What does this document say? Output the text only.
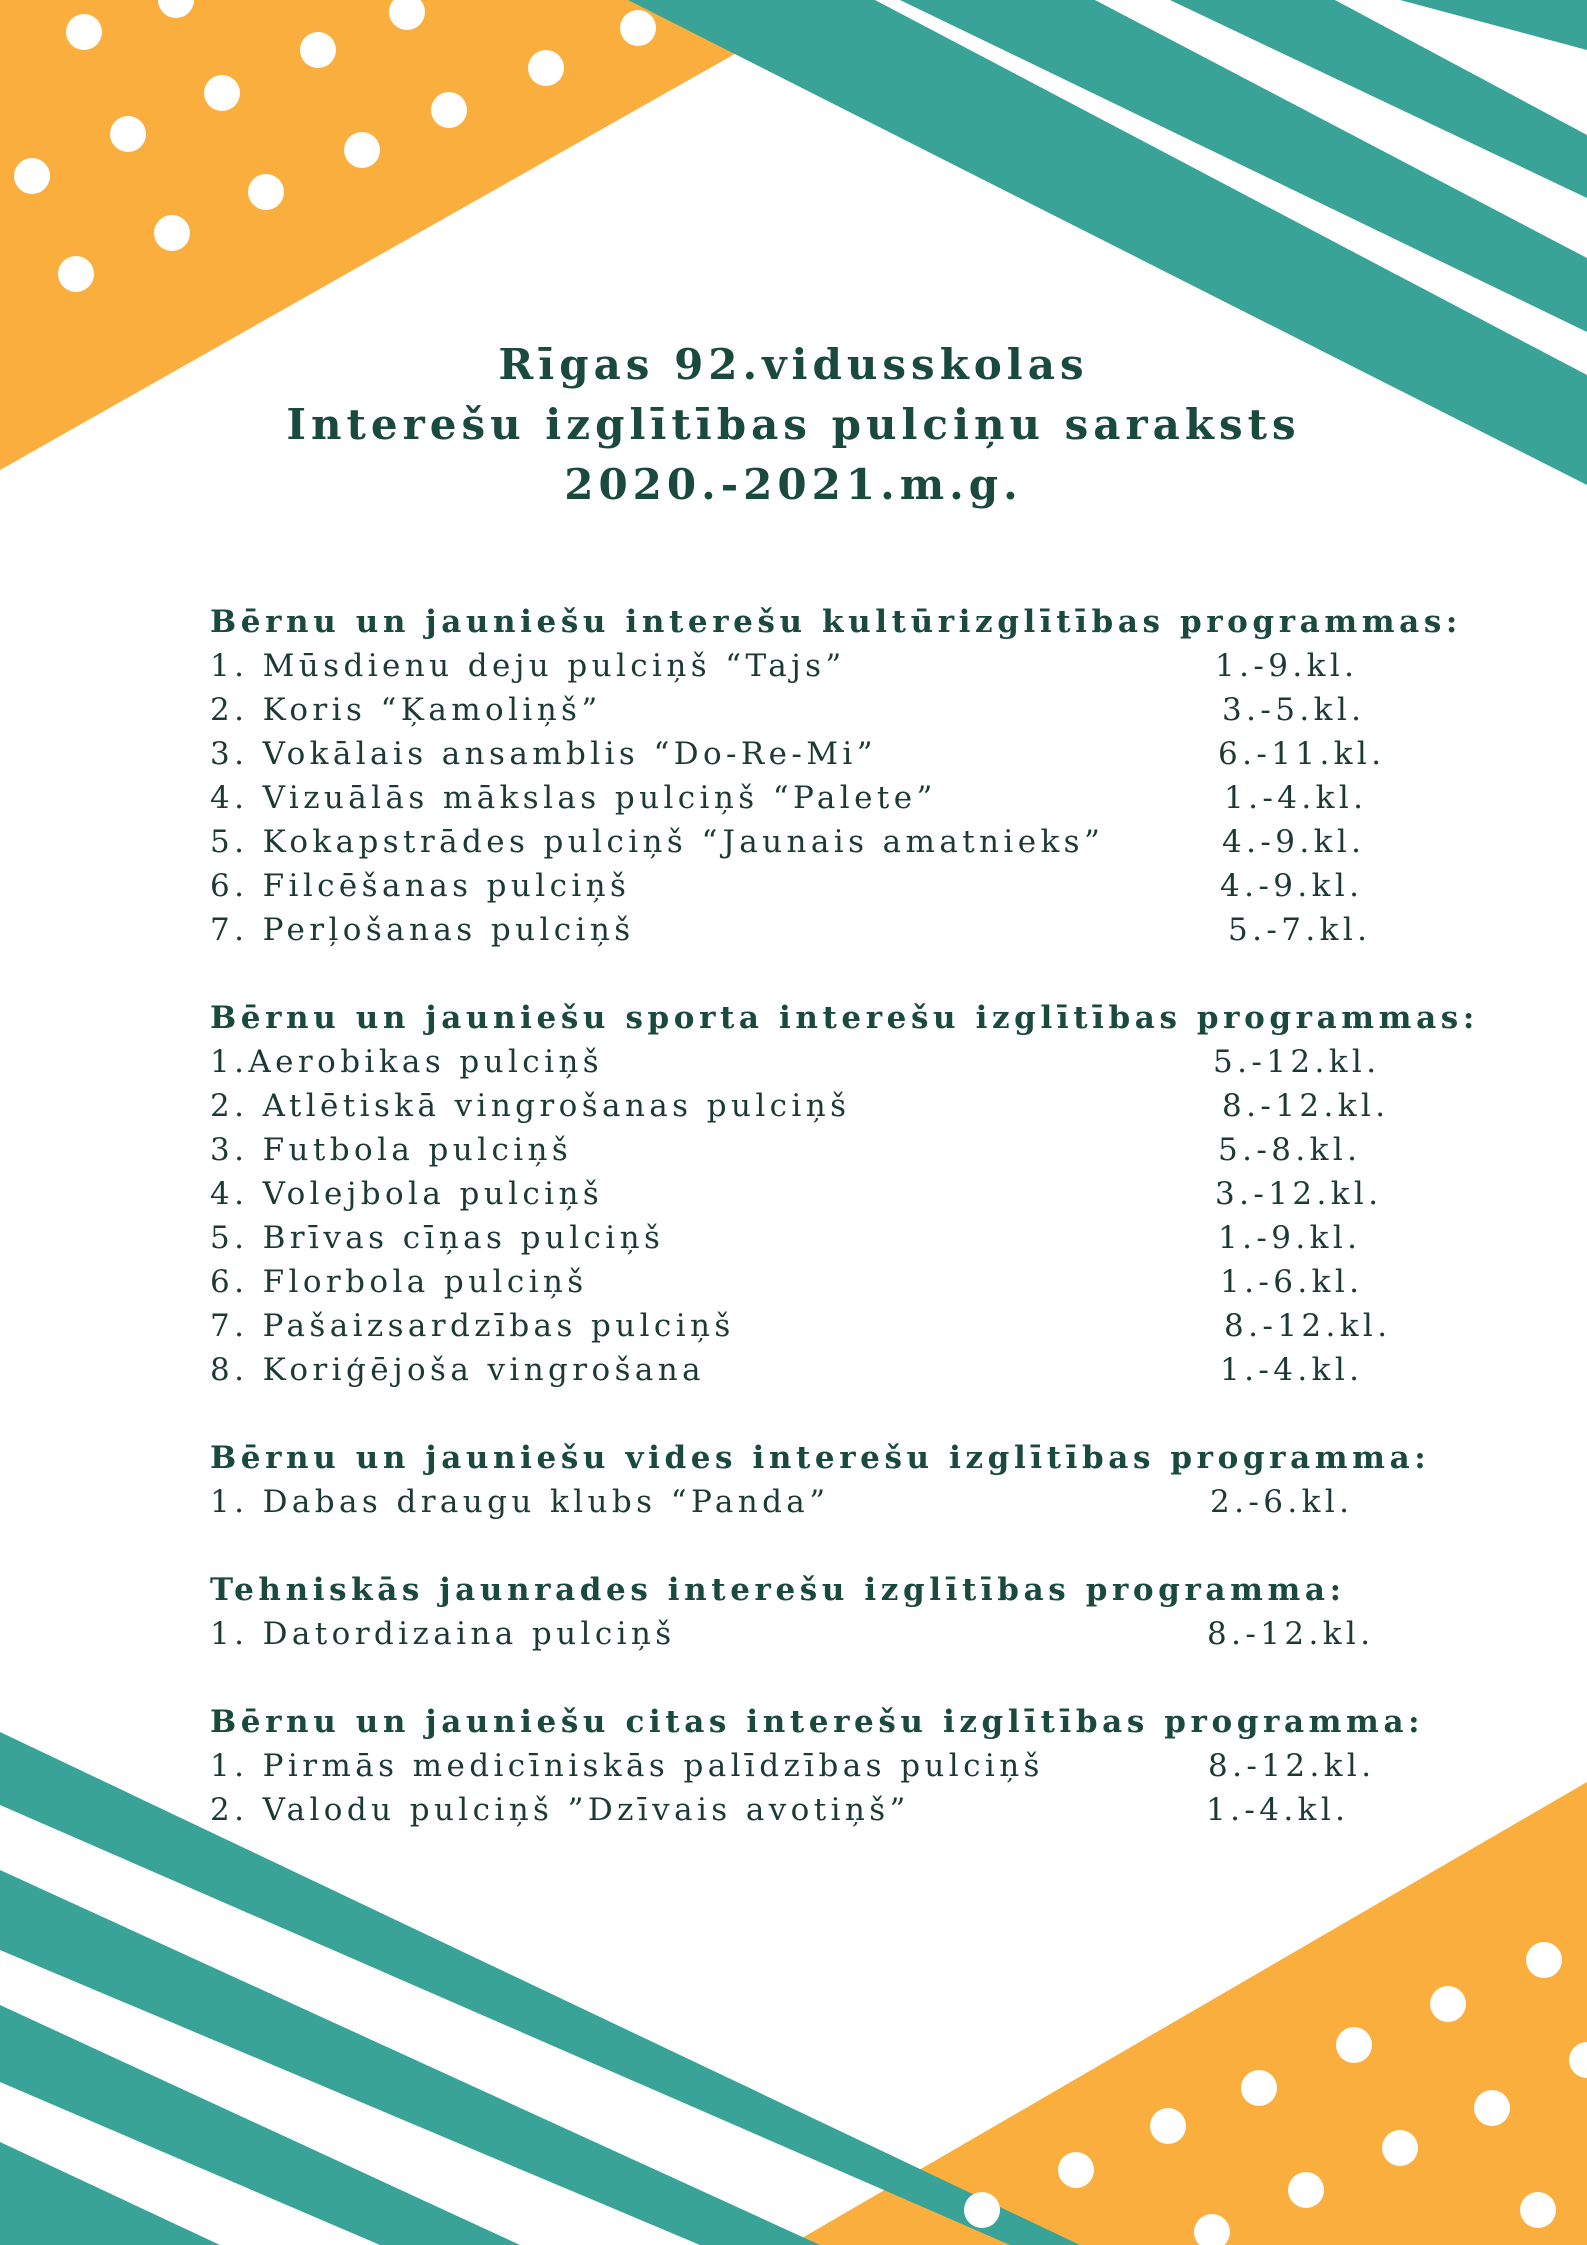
Rīgas 92.vidusskolas
Interešu izglītības pulciņu saraksts
2020.-2021.m.g.
Bērnu un jauniešu interešu kultūrizglītības programmas:
1. Mūsdienu deju pulciņš “Tajs”	1.-9.kl.
2. Koris “Ķamoliņš”	3.-5.kl.
3. Vokālais ansamblis “Do-Re-Mi”	6.-11.kl.
4. Vizuālās mākslas pulciņš “Palete”	1.-4.kl.
5. Kokapstrādes pulciņš “Jaunais amatnieks”	4.-9.kl.
6. Filcēšanas pulciņš	4.-9.kl.
7. Perļošanas pulciņš	5.-7.kl.
Bērnu un jauniešu sporta interešu izglītības programmas:
1.Aerobikas pulciņš	5.-12.kl.
2. Atlētiskā vingrošanas pulciņš	8.-12.kl.
3. Futbola pulciņš	5.-8.kl.
4. Volejbola pulciņš	3.-12.kl.
5. Brīvas cīņas pulciņš	1.-9.kl.
6. Florbola pulciņš	1.-6.kl.
7. Pašaizsardzības pulciņš	8.-12.kl.
8. Koriģējoša vingrošana	1.-4.kl.
Bērnu un jauniešu vides interešu izglītības programma:
1. Dabas draugu klubs “Panda”	2.-6.kl.
Tehniskās jaunrades interešu izglītības programma:
1. Datordizaina pulciņš	8.-12.kl.
Bērnu un jauniešu citas interešu izglītības programma:
1. Pirmās medicīniskās palīdzības pulciņš	8.-12.kl.
2. Valodu pulciņš ”Dzīvais avotiņš”	1.-4.kl.
